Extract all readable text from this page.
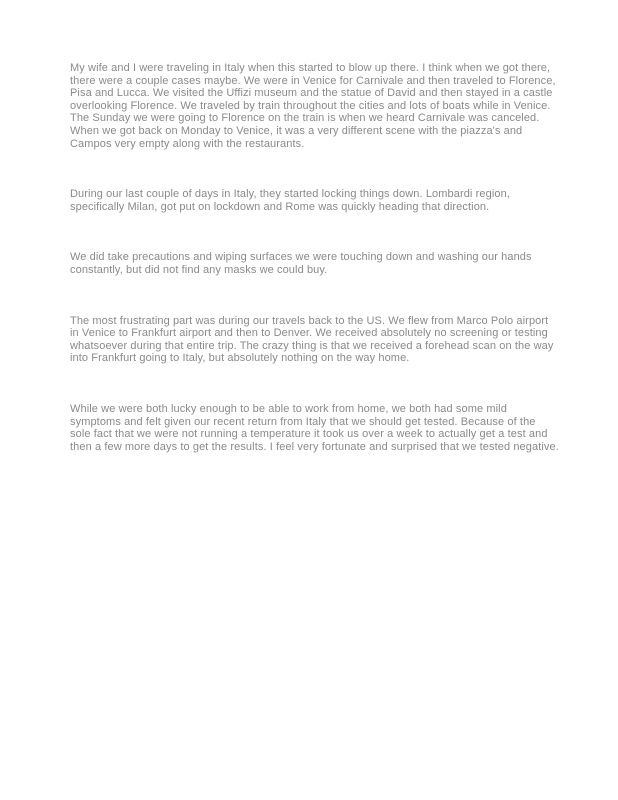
My wife and I were traveling in Italy when this started to blow up there. I think when we got there, there were a couple cases maybe. We were in Venice for Carnivale and then traveled to Florence, Pisa and Lucca. We visited the Uffizi museum and the statue of David and then stayed in a castle overlooking Florence. We traveled by train throughout the cities and lots of boats while in Venice. The Sunday we were going to Florence on the train is when we heard Carnivale was canceled. When we got back on Monday to Venice, it was a very different scene with the piazza's and Campos very empty along with the restaurants.

During our last couple of days in Italy, they started locking things down. Lombardi region, specifically Milan, got put on lockdown and Rome was quickly heading that direction.

We did take precautions and wiping surfaces we were touching down and washing our hands constantly, but did not find any masks we could buy.

The most frustrating part was during our travels back to the US. We flew from Marco Polo airport in Venice to Frankfurt airport and then to Denver. We received absolutely no screening or testing whatsoever during that entire trip. The crazy thing is that we received a forehead scan on the way into Frankfurt going to Italy, but absolutely nothing on the way home.

While we were both lucky enough to be able to work from home, we both had some mild symptoms and felt given our recent return from Italy that we should get tested. Because of the sole fact that we were not running a temperature it took us over a week to actually get a test and then a few more days to get the results. I feel very fortunate and surprised that we tested negative.
